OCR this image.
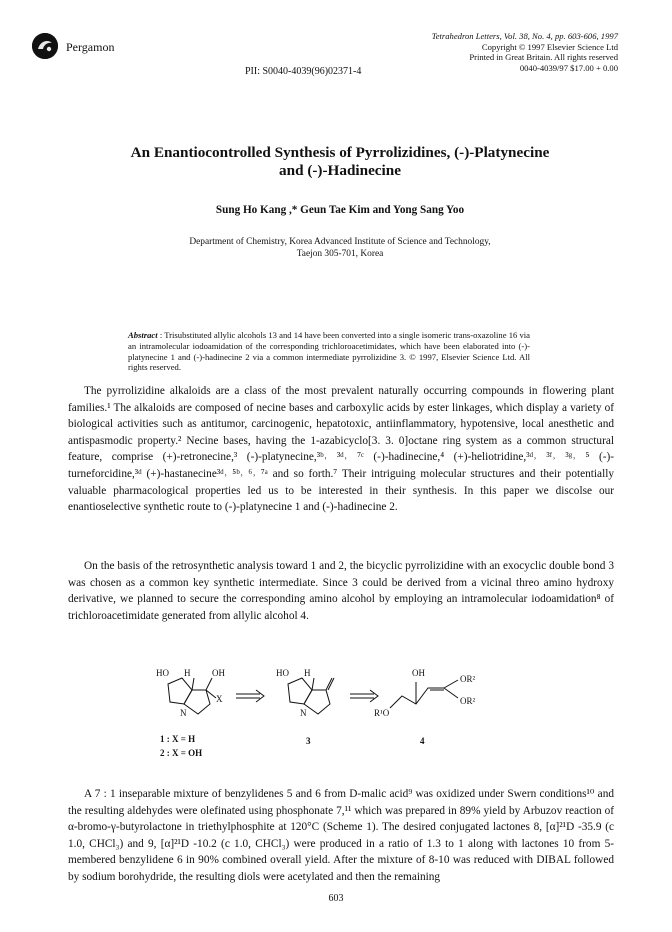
Pergamon
Tetrahedron Letters, Vol. 38, No. 4, pp. 603-606, 1997
Copyright © 1997 Elsevier Science Ltd
Printed in Great Britain. All rights reserved
0040-4039/97 $17.00 + 0.00
PII: S0040-4039(96)02371-4
An Enantiocontrolled Synthesis of Pyrrolizidines, (-)-Platynecine
and (-)-Hadinecine
Sung Ho Kang ,* Geun Tae Kim and Yong Sang Yoo
Department of Chemistry, Korea Advanced Institute of Science and Technology,
Taejon 305-701, Korea
Abstract : Trisubstituted allylic alcohols 13 and 14 have been converted into a single isomeric trans-oxazoline 16 via an intramolecular iodoamidation of the corresponding trichloroacetimidates, which have been elaborated into (-)-platynecine 1 and (-)-hadinecine 2 via a common intermediate pyrrolizidine 3. © 1997, Elsevier Science Ltd. All rights reserved.

The pyrrolizidine alkaloids are a class of the most prevalent naturally occurring compounds in flowering plant families.¹ The alkaloids are composed of necine bases and carboxylic acids by ester linkages, which display a variety of biological activities such as antitumor, carcinogenic, hepatotoxic, antiinflammatory, hypotensive, local anesthetic and antispasmodic property.² Necine bases, having the 1-azabicyclo[3. 3. 0]octane ring system as a common structural feature, comprise (+)-retronecine,³ (-)-platynecine,³ᵇ˒ ³ᵈ˒ ⁷ᶜ (-)-hadinecine,⁴ (+)-heliotridine,³ᵈ˒ ³ᶠ˒ ³ᵍ˒ ⁵ (-)-turneforcidine,³ᵈ (+)-hastanecine³ᵈ˒ ⁵ᵇ˒ ⁶˒ ⁷ᵃ and so forth.⁷ Their intriguing molecular structures and their potentially valuable pharmacological properties led us to be interested in their synthesis. In this paper we discolse our enantioselective synthetic route to (-)-platynecine 1 and (-)-hadinecine 2.

On the basis of the retrosynthetic analysis toward 1 and 2, the bicyclic pyrrolizidine with an exocyclic double bond 3 was chosen as a common key synthetic intermediate. Since 3 could be derived from a vicinal threo amino hydroxy derivative, we planned to secure the corresponding amino alcohol by employing an intramolecular iodoamidation⁸ of trichloroacetimidate generated from allylic alcohol 4.

HO H OH
X
N
1 : X = H
2 : X = OH
HO H
N
3
OH
OR²
OR²
R¹O
4

A 7 : 1 inseparable mixture of benzylidenes 5 and 6 from D-malic acid⁹ was oxidized under Swern conditions¹⁰ and the resulting aldehydes were olefinated using phosphonate 7,¹¹ which was prepared in 89% yield by Arbuzov reaction of α-bromo-γ-butyrolactone in triethylphosphite at 120°C (Scheme 1). The desired conjugated lactones 8, [α]²¹D -35.9 (c 1.0, CHCl₃) and 9, [α]²¹D -10.2 (c 1.0, CHCl₃) were produced in a ratio of 1.3 to 1 along with lactones 10 from 5-membered benzylidene 6 in 90% combined overall yield. After the mixture of 8-10 was reduced with DIBAL followed by sodium borohydride, the resulting diols were acetylated and then the remaining

603
